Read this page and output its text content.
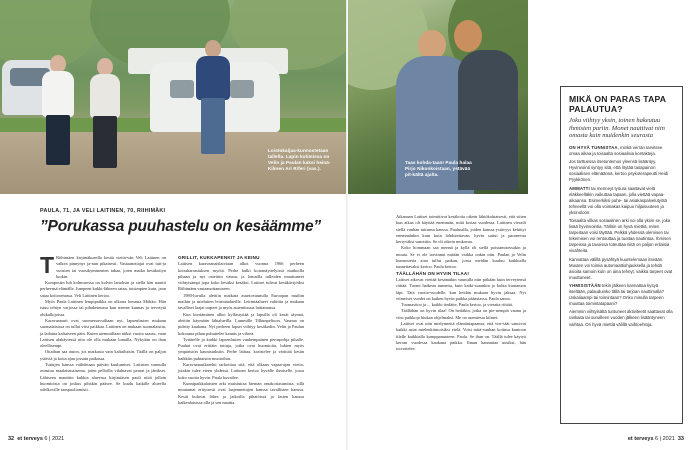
Loistokaljaa-kunnostetaan tallella. Lapin kotimissa on Velin ja Paulan kaksi heinä-Kilinen Ari Riferi (vas.).
Taas kohda-taan! Paula halaa Pirjo Nikonkoistaan, ystävää pit-kältä ajalta.
PAULA, 71, JA VELI LAITINEN, 70, RIIHIMÄKI
”Porukassa puuhastelu on kesäämme”

T Riihimäen kirjimäkueella kesää viettä-vän Veli Laitinen on valkea pinnynyt ja-nan pikaisesti. Vastaanottajat ovat tutt-ja vuosien tai vuosikymmenten takaa, joten matka kesäkotiyn luokin.

Kompostin luh kolmosessa on kolvin laitoksin ja siellä hän nauttii perheensä elämälle. Jumpeen kukki-lähteen sataa, toisimpien kuin, jaon sataa koitosenassa. Veli Laitinen kertoo.

Myös Paula Laitinen lempipaikka on ulkona lomasta Mökko. Hän istuu tehtyn varjossa tai pihakeinussa kun menne kunnas ja tervetytä ohikulkijoista.

Karavaanarit ovat suomessuvuiltaan nyt, lapsenlasten mukaan suomalaisissa on tullut viisi paikkaa. Laitinen on mukaan suomalaisiin, ja lailaina kaltaiseen päin. Kuten aiemmillaan niiksi vuotta saastu, vaan Laitisen alakäytessä niin ole olla mukaan lomalla. Nykyään on ihan oleellisempi.

Ottaihan saa auton, jos matkasta vain kaltailutsin. Täällä on paljon ystäviä ja kotia ajan jossain paikassa.

Tuttujen kanssa vaihdetaan päivän kuulumiset. Laitisten vaunulla avautuu maalaismaisema, joten pelloilla vilahtavat peurat ja jänikset. Lähiseen mauttiin kukkia alueessa kirjimiäsen pauli niitä jollain huomioista on joskus pihakin pääsee. Se kuulu kaikille alueella odelkoville taaspuoliomisti.

GRILLIT, KUKKAPENKIT JA KEINU

Laitisen karavaanarilaiviaan alkoi vuonna 1966 perheen koiraharrastuksen myötä. Perhe kulki koiranäyttelyissä matkoilla pihaan ja nyt ostettiin vaunu, ja lomailla tulleiden muuttuneet viihtyisämpi jopa koko kesäksi kesäksi. Laitiset tulivat kesäkävijöiksi Riihimäen vastaanottamiseen.

1980-luvulla alettiin matkata asuntovaunulla Euroopan muihin maihin ja mieluiten leirintäalueille. Leirintäalueet valittiin ja mukaan tavalliset laajat tarpeet ja myös autenttisuus laittamassa.

Kun kiertäminen alkoi kyllästyttää ja lapsilla oli kesät täynnä, alettiin käymään lähialueilla. Lammille Tilkunpeltoon. Vaunua on pidetty kaukana. Nyt perheen lapset viihtyy kesäkodin. Velin ja Paulan kokoama pihan puhuttelee kaunis ja vihreä.

Tyttärelle ja kaikki lapsenlasten vanhempainen peruspohja pihalle. Puuhat ovat erittäin tuttuja, jotka ovat huomioita, lukien myös ympäristön kaunistuksiin. Perhe laittaa, koristelee ja värittää kesän kaikkiin puhtaisiin muotoihin.

Karavaanarikarehti tarkoittaa sitä, että olkaan vapaa-ajan vietto, jotakin tulee eteen yhdessä. Laitinen kertoo hyvälle ihmiselle, jossa koko vuotta hyvin. Paula kuvailee.

Kunnipaikkalaisten arki muistuttaa hieman omakotiasumista, sillä muutamat erityisesti ovat laajennettujen kanssa tavallisten kanssa. Kesät kuluvat lähes ja jatkoilla pihatöissä ja lasten kanssa kaikenlaisissa olla ja sen nauttia.

Aikanaan Laitiset toimittivat kesäkotia oikein lähtökohtaisesti, että sitten kun aikaa oli käyttää enemmän, mitä kertaa vuodessa. Laitinen vieraili siellä vanhan tuttunsa kanssa. Paulinalla, joiden kanssa ystävyys kehittyi enemmänkin kuin kuin lohdutettavan, hyvin sattui ja paranevaa kertyväksi sanottiin. Se oli oikein mukavaa.

Koko hommaan saa mennä ja kyllä oli siellä poistamisessakin ja muuta. Se ei ole tarvinnut mitään vaikka onkin niin. Paulan ja Velin kunnostetta aina tullut paikan, jossa meidän kuuluu kaikkialla tunnettavaksi kertoo. Paula kertoo.

TÄÄLLÄHÄN ON HYVIN TILAA!

Laitiset aikovat viettää kesämäkin vaunulla niin pitkään kuin terveytensä riittää. Tuomi haikeaa tunnetta, kuin kaiki-ssaankin jo kohta kuutamon läpi. Tätä vuotta-vuodelle, kun heidän mukaan hyvin jaksaa. Nyt viimeiset vuodet on kaiken hyvin paikka pääasiassa. Paula sanoo.

Tuomasitoo ja ... kaikki tiedätte, Paula kertoo, ja vieraita riittää.

Täällähän on hyvin tilaa! On heitäkin, jotka on pie-nempiä vaunu ja viisi paikkoja hiukan ohjelmaksi. Me on asemiesta kilmet.

Laitiset ovat niin mielynneitä elämäntapaansa, että vier-täät sanoivat kaikki asiat mielenkiintoisiksi vielä. Voisi mitä-vanhan kotinsa kuntoon tilalle kaikkialla kumppanuuteen. Paula. Se ihan on. Täällä tulee käytyä kerran vuodessa kaukana paikka. Ilman kannattaa uusiksi, hän toivottelee.

MIKÄ ON PARAS TAPA PALAUTUA?
Joku viihtyy yksin, toinen hakeutuu ihmisten pariin. Monet nauttivat niin omasta kuin muidenkin seurasta

ON HYVÄ TUNNISTAA, minkä verran tarvitsee omaa aikaa ja toisaalta sosiaalisia kontakteja.

Jos tarttuessa itsetuntemus yleensä lisääntyy. Hyvinvointi syntyy sitä, että löytää tasapainon sosiaalisen elämäänsä, kertoo psykoterapeutti Heidi Pyykkönen.

AMMATTI tai menneyt työura saattavat vielä eläkkeelläkin vaikuttaa tapaan, jolla viettää vapaa-aikaansa. Esimerkiksi puhe- tai asiakaspalvelutyötä tehneellä voi olla voimakas kaipuu hiljaisuuteen ja yksinoloon.

Toisaalta vilkas sosiaalinen arki voi olla yksin se, joka lisää hyvinvointia. Tällöin on hyvä miettiä, miten tarpeitaan voisi täyttää. Pelkkä yhdessä olemisen tai tekemisen voi rentouttaa ja tuottaa nautintoa. Ihmisen tarpeissa ja tavoissa toteuttaa niitä on paljon erilaisia vivahteita.

Kannattaa välillä pysähtyä kuuntelemaan itseään. Muuten voi toimia automaattiohjauksella ja tehdä asioita samoin kuin on aina tehnyt, vaikka tarpeet ovat muuttuneet.

YHMISISTÄÄN tekin jälkeen kannattaa kysyä itseltään, palauduinko tällä tai tarjoan nauttimalla? Uskaliaampi tai toimintaan? Onko minulla tarpeen muuttaa toimintatapaani?

Aiemmin viihtyisältä tuntuneet aktiviteetit saattavat olla raskaita tai suruilleen vuoden jälkeen lisääntyneen vaihtaa. On hyvä miettiä välillä vaihtoehtoja.

32 et terveys 6 | 2021	et terveys 6 | 2021 33
